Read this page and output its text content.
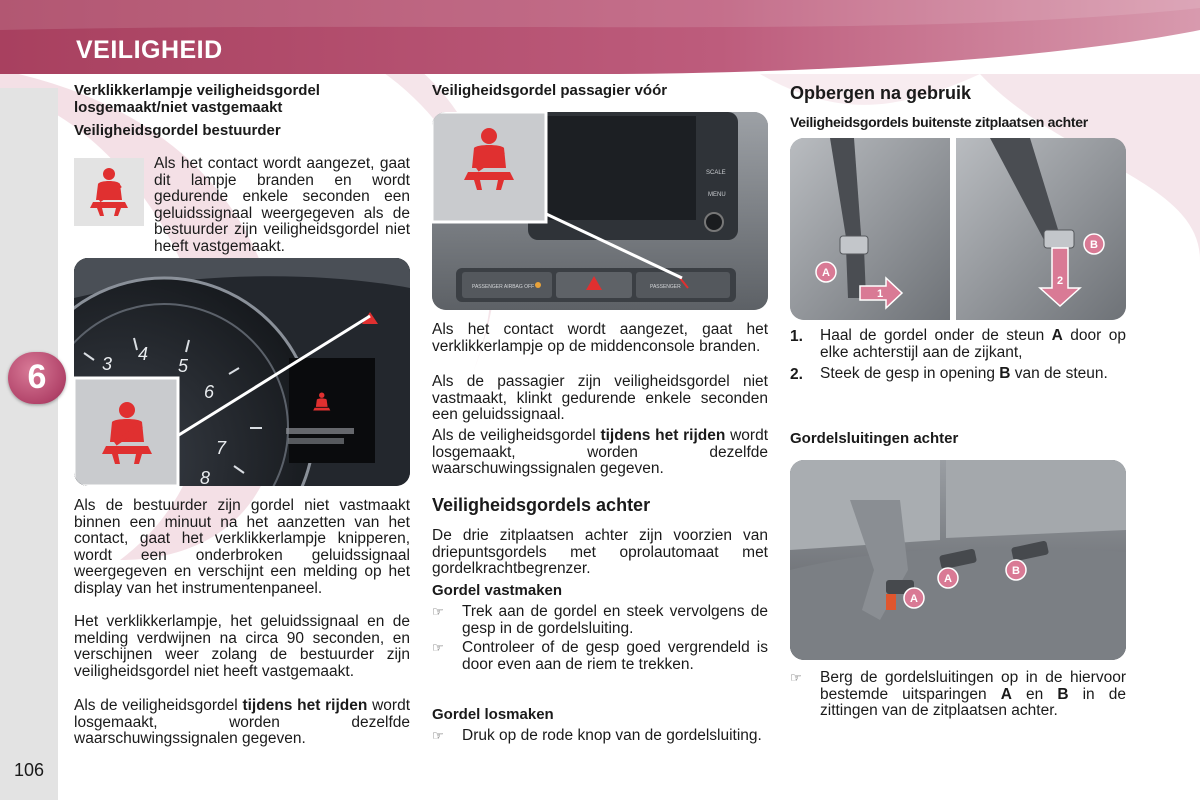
VEILIGHEID
6
106
Verklikkerlampje veiligheidsgordel losgemaakt/niet vastgemaakt
Veiligheidsgordel bestuurder

Als het contact wordt aangezet, gaat dit lampje branden en wordt gedurende enkele seconden een geluidssignaal weergegeven als de bestuurder zijn veiligheidsgordel niet heeft vastgemaakt.

3 4
5
6
7
8

Als de bestuurder zijn gordel niet vastmaakt binnen een minuut na het aanzetten van het contact, gaat het verklikkerlampje knipperen, wordt een onderbroken geluidssignaal weergegeven en verschijnt een melding op het display van het instrumentenpaneel.

Het verklikkerlampje, het geluidssignaal en de melding verdwijnen na circa 90 seconden, en verschijnen weer zolang de bestuurder zijn veiligheidsgordel niet heeft vastgemaakt.

Als de veiligheidsgordel tijdens het rijden wordt losgemaakt, worden dezelfde waarschuwingssignalen gegeven.

Veiligheidsgordel passagier vóór
SCALE
MENU
PASSENGER AIRBAG OFF	PASSENGER

Als het contact wordt aangezet, gaat het verklikkerlampje op de middenconsole branden.

Als de passagier zijn veiligheidsgordel niet vastmaakt, klinkt gedurende enkele seconden een geluidssignaal.

Als de veiligheidsgordel tijdens het rijden wordt losgemaakt, worden dezelfde waarschuwingssignalen gegeven.

Veiligheidsgordels achter

De drie zitplaatsen achter zijn voorzien van driepuntsgordels met oprolautomaat met gordelkrachtbegrenzer.

Gordel vastmaken
☞ Trek aan de gordel en steek vervolgens de gesp in de gordelsluiting.
☞ Controleer of de gesp goed vergrendeld is door even aan de riem te trekken.
Gordel losmaken
☞ Druk op de rode knop van de gordelsluiting.
Opbergen na gebruik
Veiligheidsgordels buitenste zitplaatsen achter
A
B
1
2
1. Haal de gordel onder de steun A door op elke achterstijl aan de zijkant,
2. Steek de gesp in opening B van de steun.
Gordelsluitingen achter
A
A
B
☞ Berg de gordelsluitingen op in de hiervoor bestemde uitsparingen A en B in de zittingen van de zitplaatsen achter.
